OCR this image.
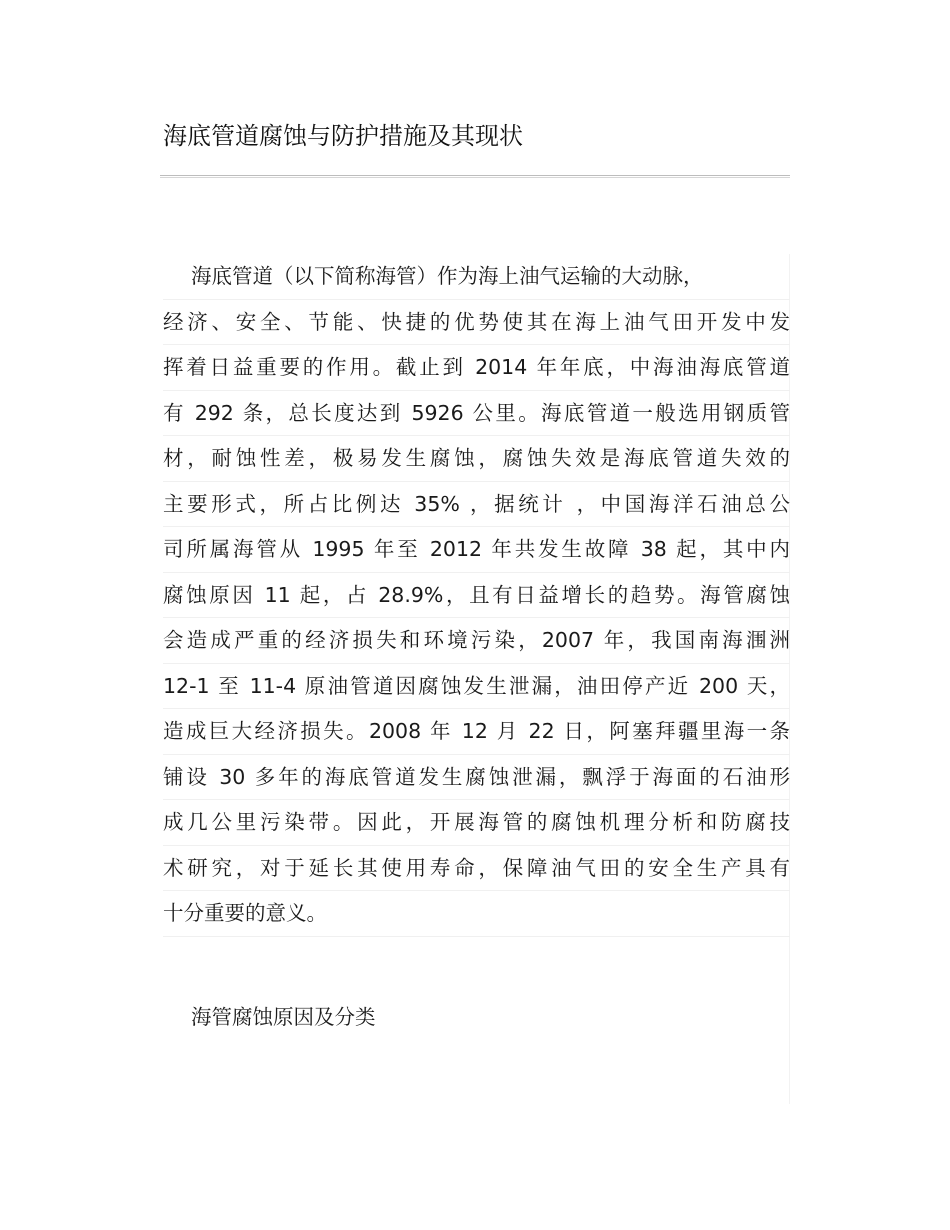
海底管道腐蚀与防护措施及其现状
海底管道（以下简称海管）作为海上油气运输的大动脉，
经济、安全、节能、快捷的优势使其在海上油气田开发中发
挥着日益重要的作用。截止到 2014 年年底，中海油海底管道
有 292 条，总长度达到 5926 公里。海底管道一般选用钢质管
材，耐蚀性差，极易发生腐蚀，腐蚀失效是海底管道失效的
主要形式，所占比例达 35% ，据统计 ，中国海洋石油总公
司所属海管从 1995 年至 2012 年共发生故障 38 起，其中内
腐蚀原因 11 起，占 28.9%，且有日益增长的趋势。海管腐蚀
会造成严重的经济损失和环境污染，2007 年，我国南海涠洲
12-1 至 11-4 原油管道因腐蚀发生泄漏，油田停产近 200 天，
造成巨大经济损失。2008 年 12 月 22 日，阿塞拜疆里海一条
铺设 30 多年的海底管道发生腐蚀泄漏，飘浮于海面的石油形
成几公里污染带。因此，开展海管的腐蚀机理分析和防腐技
术研究，对于延长其使用寿命，保障油气田的安全生产具有
十分重要的意义。
海管腐蚀原因及分类
